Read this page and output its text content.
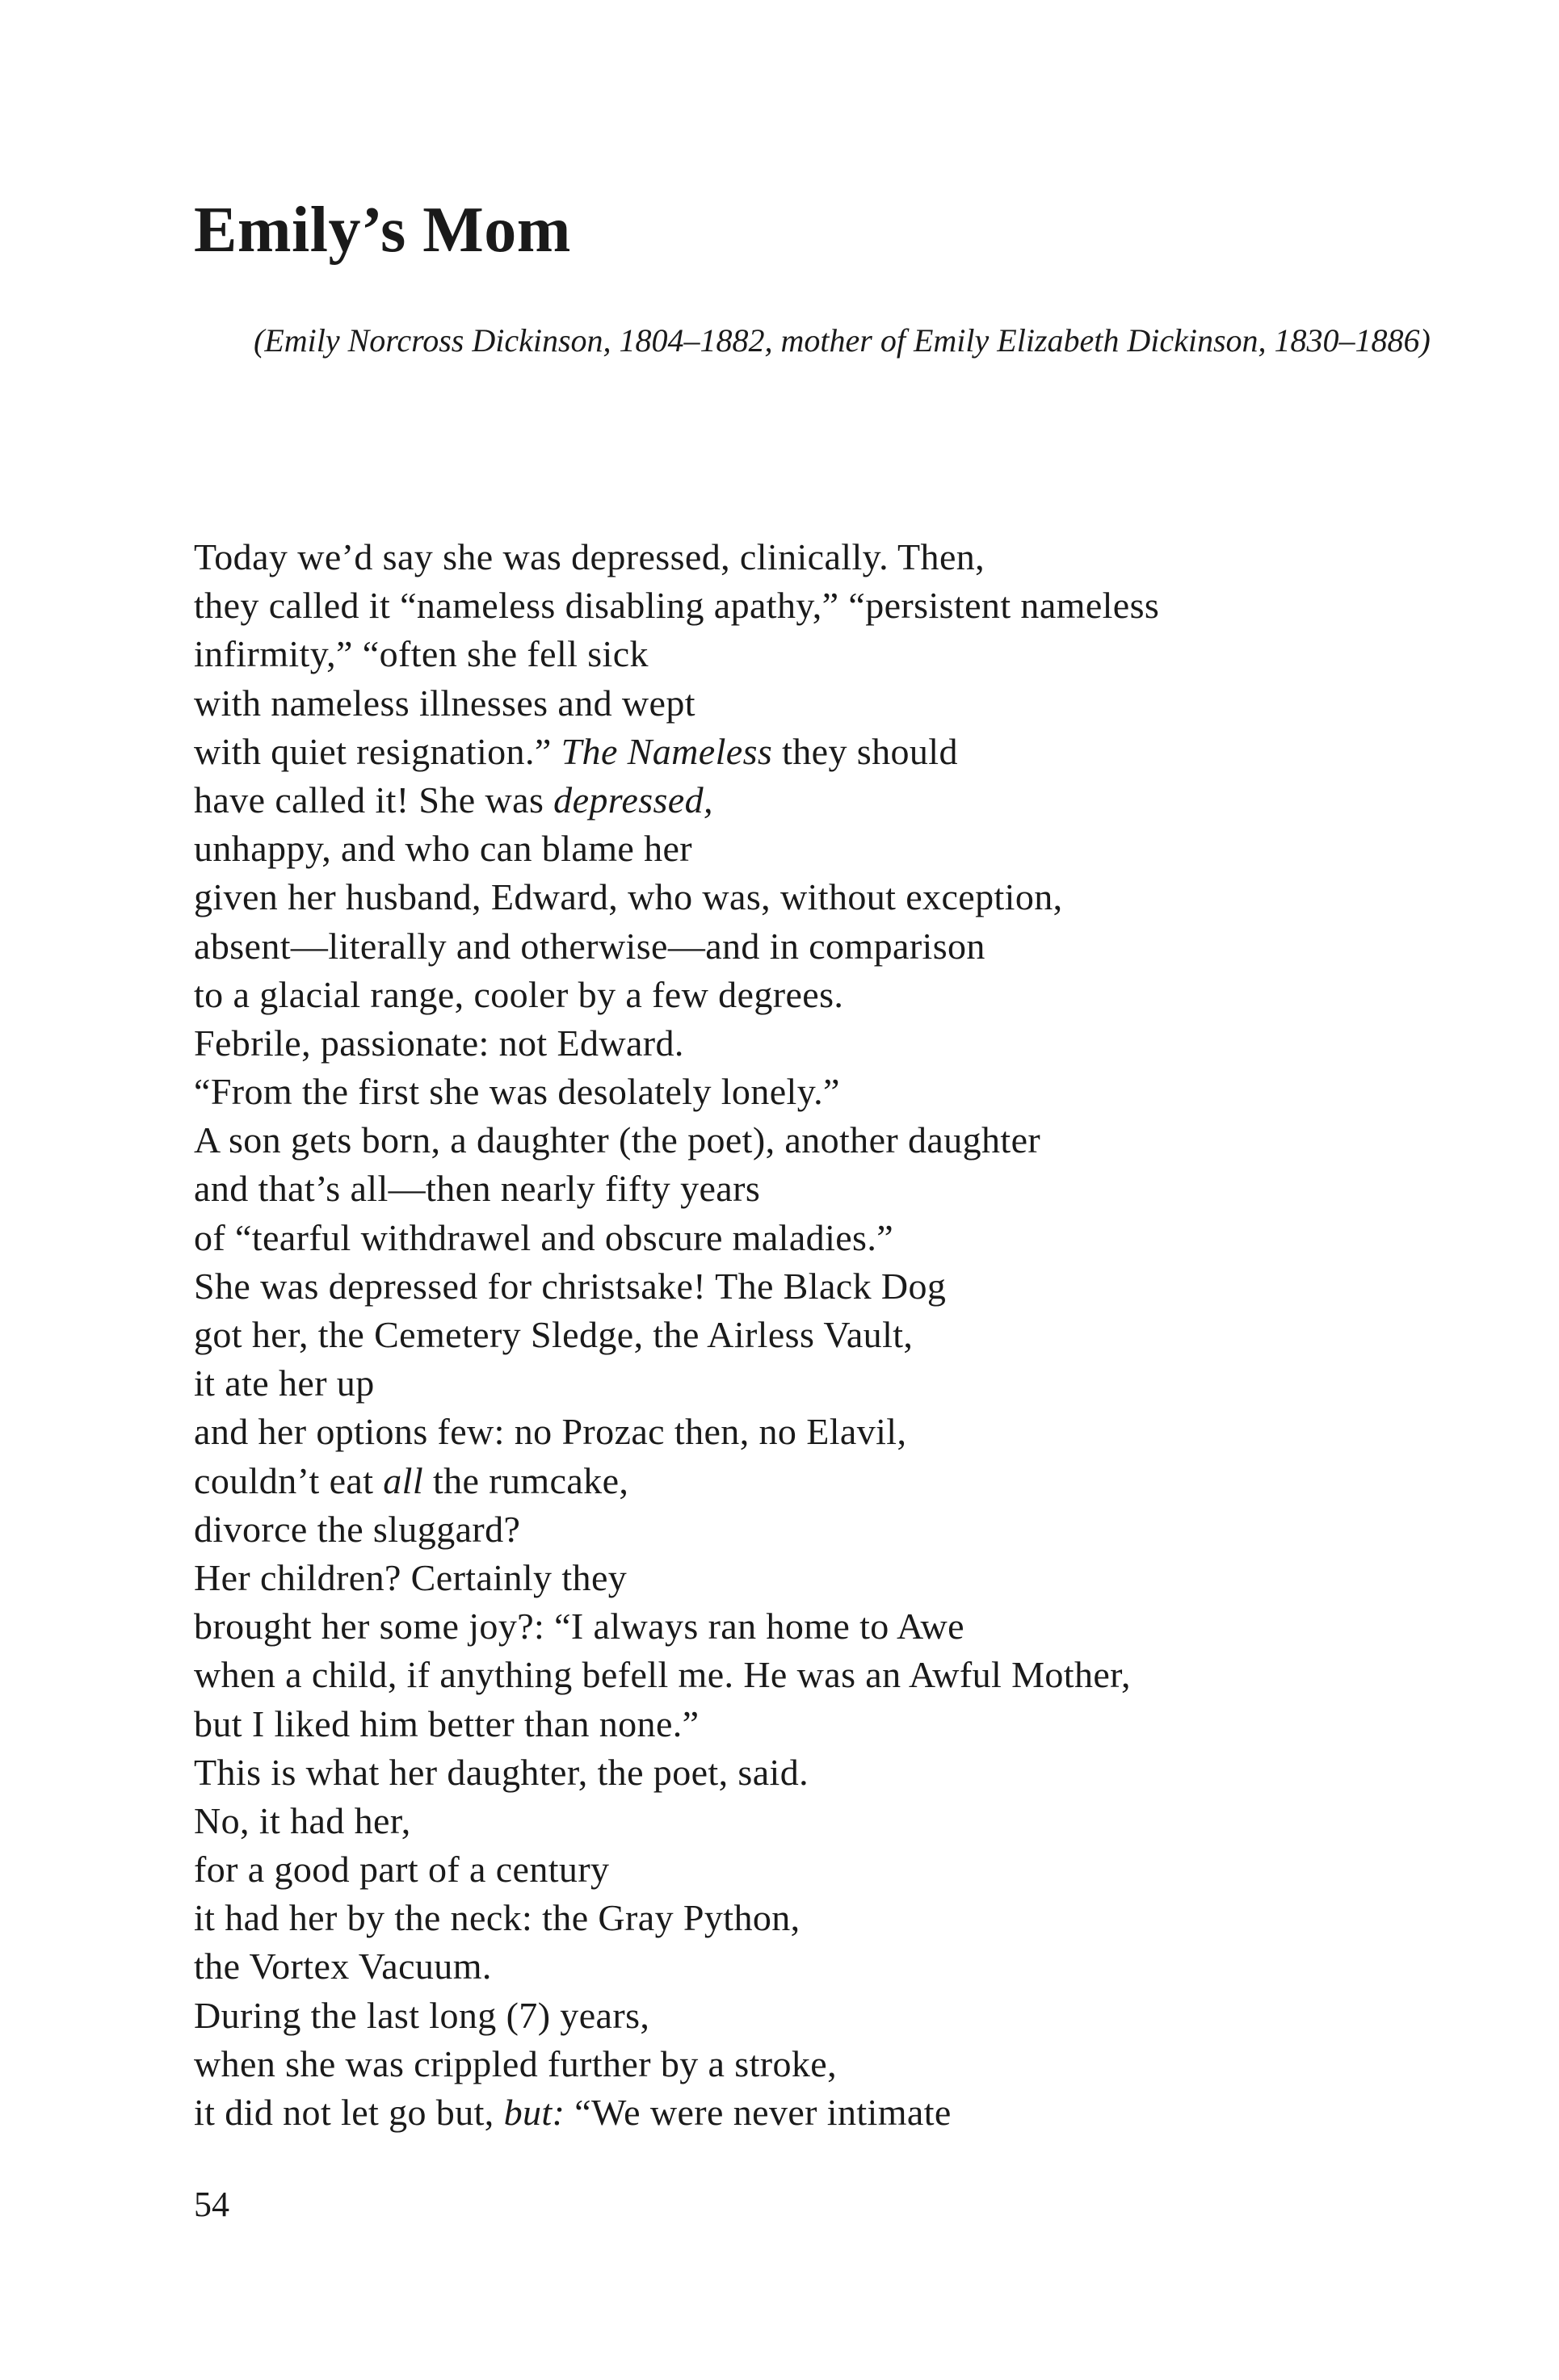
Emily’s Mom

(Emily Norcross Dickinson, 1804–1882, mother of Emily Elizabeth Dickinson, 1830–1886)

Today we’d say she was depressed, clinically. Then,
they called it “nameless disabling apathy,” “persistent nameless
infirmity,” “often she fell sick
with nameless illnesses and wept
with quiet resignation.” The Nameless they should
have called it! She was depressed,
unhappy, and who can blame her
given her husband, Edward, who was, without exception,
absent—literally and otherwise—and in comparison
to a glacial range, cooler by a few degrees.
Febrile, passionate: not Edward.
“From the first she was desolately lonely.”
A son gets born, a daughter (the poet), another daughter
and that’s all—then nearly fifty years
of “tearful withdrawel and obscure maladies.”
She was depressed for christsake! The Black Dog
got her, the Cemetery Sledge, the Airless Vault,
it ate her up
and her options few: no Prozac then, no Elavil,
couldn’t eat all the rumcake,
divorce the sluggard?
Her children? Certainly they
brought her some joy?: “I always ran home to Awe
when a child, if anything befell me. He was an Awful Mother,
but I liked him better than none.”
This is what her daughter, the poet, said.
No, it had her,
for a good part of a century
it had her by the neck: the Gray Python,
the Vortex Vacuum.
During the last long (7) years,
when she was crippled further by a stroke,
it did not let go but, but: “We were never intimate
54
